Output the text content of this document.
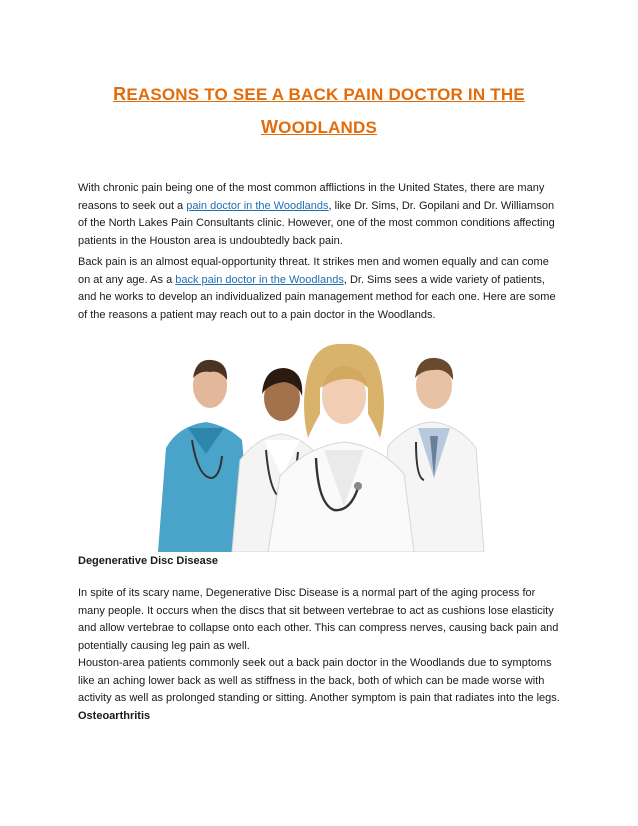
REASONS TO SEE A BACK PAIN DOCTOR IN THE
WOODLANDS

With chronic pain being one of the most common afflictions in the United States, there are many reasons to seek out a pain doctor in the Woodlands, like Dr. Sims, Dr. Gopilani and Dr. Williamson of the North Lakes Pain Consultants clinic. However, one of the most common conditions affecting patients in the Houston area is undoubtedly back pain.

Back pain is an almost equal-opportunity threat. It strikes men and women equally and can come on at any age. As a back pain doctor in the Woodlands, Dr. Sims sees a wide variety of patients, and he works to develop an individualized pain management method for each one. Here are some of the reasons a patient may reach out to a pain doctor in the Woodlands.

Degenerative Disc Disease

In spite of its scary name, Degenerative Disc Disease is a normal part of the aging process for many people. It occurs when the discs that sit between vertebrae to act as cushions lose elasticity and allow vertebrae to collapse onto each other. This can compress nerves, causing back pain and potentially causing leg pain as well.

Houston-area patients commonly seek out a back pain doctor in the Woodlands due to symptoms like an aching lower back as well as stiffness in the back, both of which can be made worse with activity as well as prolonged standing or sitting. Another symptom is pain that radiates into the legs.

Osteoarthritis
